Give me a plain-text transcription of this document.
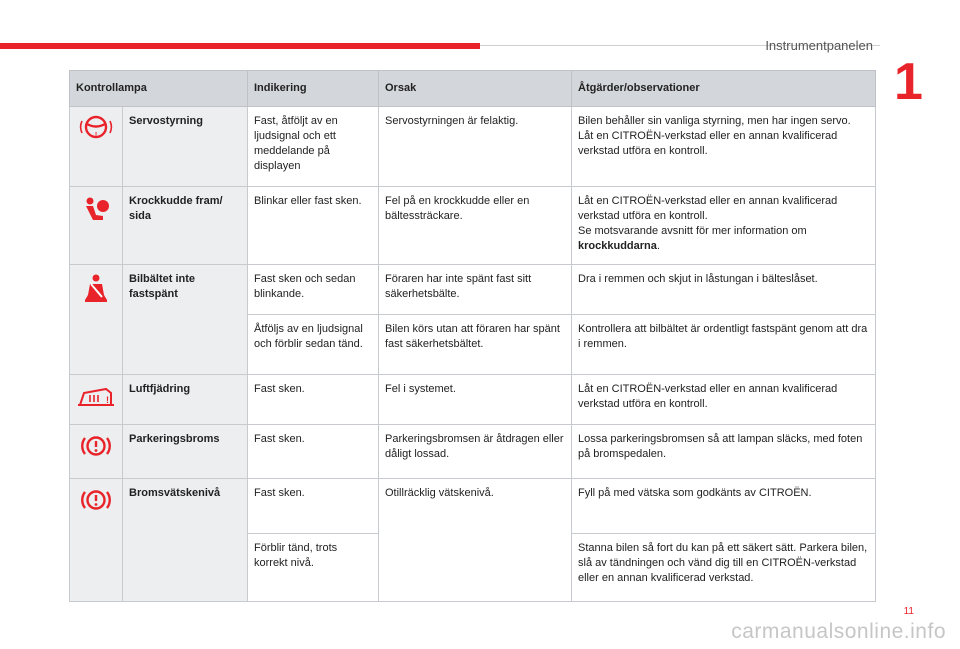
Instrumentpanelen
1
Kontrollampa		Indikering	Orsak	Åtgärder/observationer

!	Servostyrning	Fast, åtföljt av en ljudsignal och ett meddelande på displayen	Servostyrningen är felaktig.	Bilen behåller sin vanliga styrning, men har ingen servo.
Låt en CITROËN-verkstad eller en annan kvalificerad verkstad utföra en kontroll.

	Krockkudde fram/ sida	Blinkar eller fast sken.	Fel på en krockkudde eller en bältessträckare.	Låt en CITROËN-verkstad eller en annan kvalificerad verkstad utföra en kontroll.
Se motsvarande avsnitt för mer information om krockkuddarna.

	Bilbältet inte fastspänt	Fast sken och sedan blinkande.	Föraren har inte spänt fast sitt säkerhetsbälte.	Dra i remmen och skjut in låstungan i bälteslåset.
		Åtföljs av en ljudsignal och förblir sedan tänd.	Bilen körs utan att föraren har spänt fast säkerhetsbältet.	Kontrollera att bilbältet är ordentligt fastspänt genom att dra i remmen.

!	Luftfjädring	Fast sken.	Fel i systemet.	Låt en CITROËN-verkstad eller en annan kvalificerad verkstad utföra en kontroll.
	Parkeringsbroms	Fast sken.	Parkeringsbromsen är åtdragen eller dåligt lossad.	Lossa parkeringsbromsen så att lampan släcks, med foten på bromspedalen.
	Bromsvätskenivå	Fast sken.	Otillräcklig vätskenivå.	Fyll på med vätska som godkänts av CITROËN.
		Förblir tänd, trots korrekt nivå.		Stanna bilen så fort du kan på ett säkert sätt. Parkera bilen, slå av tändningen och vänd dig till en CITROËN-verkstad eller en annan kvalificerad verkstad.
11
carmanualsonline.info
